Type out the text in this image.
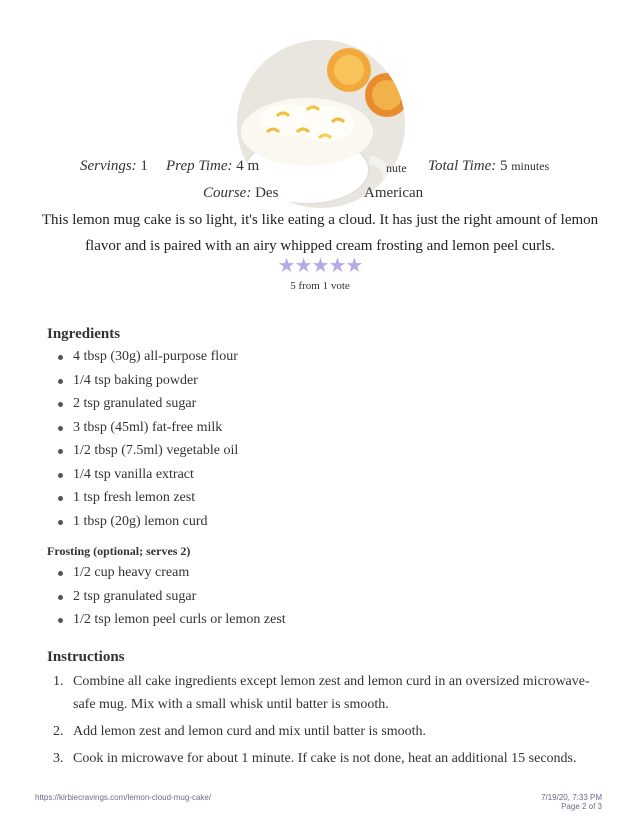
Servings: 1 Prep Time: 4 m	nute Total Time: 5 minutes
Course: Des	American
This lemon mug cake is so light, it's like eating a cloud. It has just the right amount of lemon flavor and is paired with an airy whipped cream frosting and lemon peel curls.
★★★★★
5 from 1 vote
Ingredients
4 tbsp (30g) all-purpose flour
1/4 tsp baking powder
2 tsp granulated sugar
3 tbsp (45ml) fat-free milk
1/2 tbsp (7.5ml) vegetable oil
1/4 tsp vanilla extract
1 tsp fresh lemon zest
1 tbsp (20g) lemon curd
Frosting (optional; serves 2)
1/2 cup heavy cream
2 tsp granulated sugar
1/2 tsp lemon peel curls or lemon zest
Instructions
1. Combine all cake ingredients except lemon zest and lemon curd in an oversized microwave-safe mug. Mix with a small whisk until batter is smooth.
2. Add lemon zest and lemon curd and mix until batter is smooth.
3. Cook in microwave for about 1 minute. If cake is not done, heat an additional 15 seconds.
https://kirbiecravings.com/lemon-cloud-mug-cake/	7/19/20, 7:33 PM
Page 2 of 3
